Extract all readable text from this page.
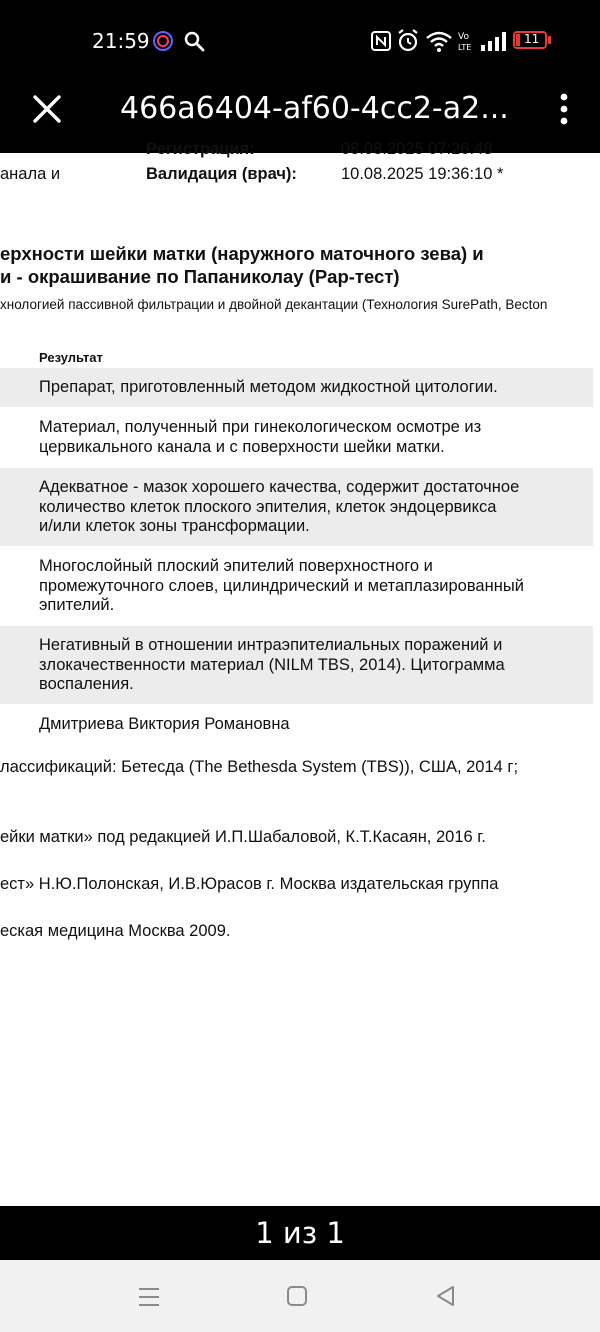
21:59	Vo
LTE
11
466a6404-af60-4cc2-a2...
Регистрация:	08.08.2025 07:26:48
анала и	Валидация (врач):	10.08.2025 19:36:10 *
ерхности шейки матки (наружного маточного зева) и
и - окрашивание по Папаниколау (Pap-тест)
хнологией пассивной фильтрации и двойной декантации (Технология SurePath, Becton
Результат
Препарат, приготовленный методом жидкостной цитологии.
Материал, полученный при гинекологическом осмотре из
цервикального канала и с поверхности шейки матки.
Адекватное - мазок хорошего качества, содержит достаточное
количество клеток плоского эпителия, клеток эндоцервикса
и/или клеток зоны трансформации.
Многослойный плоский эпителий поверхностного и
промежуточного слоев, цилиндрический и метаплазированный
эпителий.
Негативный в отношении интраэпителиальных поражений и
злокачественности материал (NILM TBS, 2014). Цитограмма
воспаления.
Дмитриева Виктория Романовна
лассификаций: Бетесда (The Bethesda System (TBS)), США, 2014 г;
ейки матки» под редакцией И.П.Шабаловой, К.Т.Касаян, 2016 г.
ест» Н.Ю.Полонская, И.В.Юрасов г. Москва издательская группа
еская медицина Москва 2009.
1 из 1
